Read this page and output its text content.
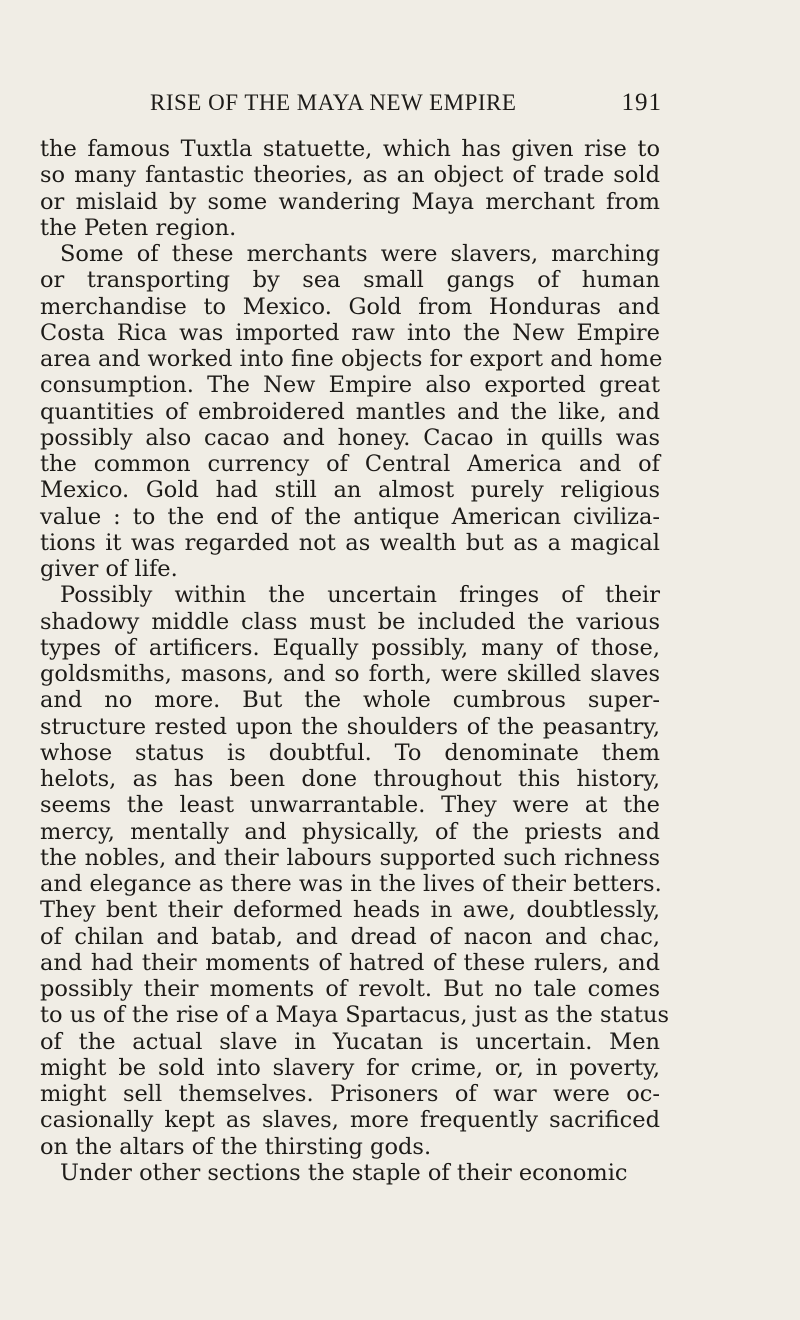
RISE OF THE MAYA NEW EMPIRE	191
the famous Tuxtla statuette, which has given rise to
so many fantastic theories, as an object of trade sold
or mislaid by some wandering Maya merchant from
the Peten region.
Some of these merchants were slavers, marching
or transporting by sea small gangs of human
merchandise to Mexico. Gold from Honduras and
Costa Rica was imported raw into the New Empire
area and worked into fine objects for export and home
consumption. The New Empire also exported great
quantities of embroidered mantles and the like, and
possibly also cacao and honey. Cacao in quills was
the common currency of Central America and of
Mexico. Gold had still an almost purely religious
value : to the end of the antique American civiliza-
tions it was regarded not as wealth but as a magical
giver of life.
Possibly within the uncertain fringes of their
shadowy middle class must be included the various
types of artificers. Equally possibly, many of those,
goldsmiths, masons, and so forth, were skilled slaves
and no more. But the whole cumbrous super-
structure rested upon the shoulders of the peasantry,
whose status is doubtful. To denominate them
helots, as has been done throughout this history,
seems the least unwarrantable. They were at the
mercy, mentally and physically, of the priests and
the nobles, and their labours supported such richness
and elegance as there was in the lives of their betters.
They bent their deformed heads in awe, doubtlessly,
of chilan and batab, and dread of nacon and chac,
and had their moments of hatred of these rulers, and
possibly their moments of revolt. But no tale comes
to us of the rise of a Maya Spartacus, just as the status
of the actual slave in Yucatan is uncertain. Men
might be sold into slavery for crime, or, in poverty,
might sell themselves. Prisoners of war were oc-
casionally kept as slaves, more frequently sacrificed
on the altars of the thirsting gods.
Under other sections the staple of their economic
